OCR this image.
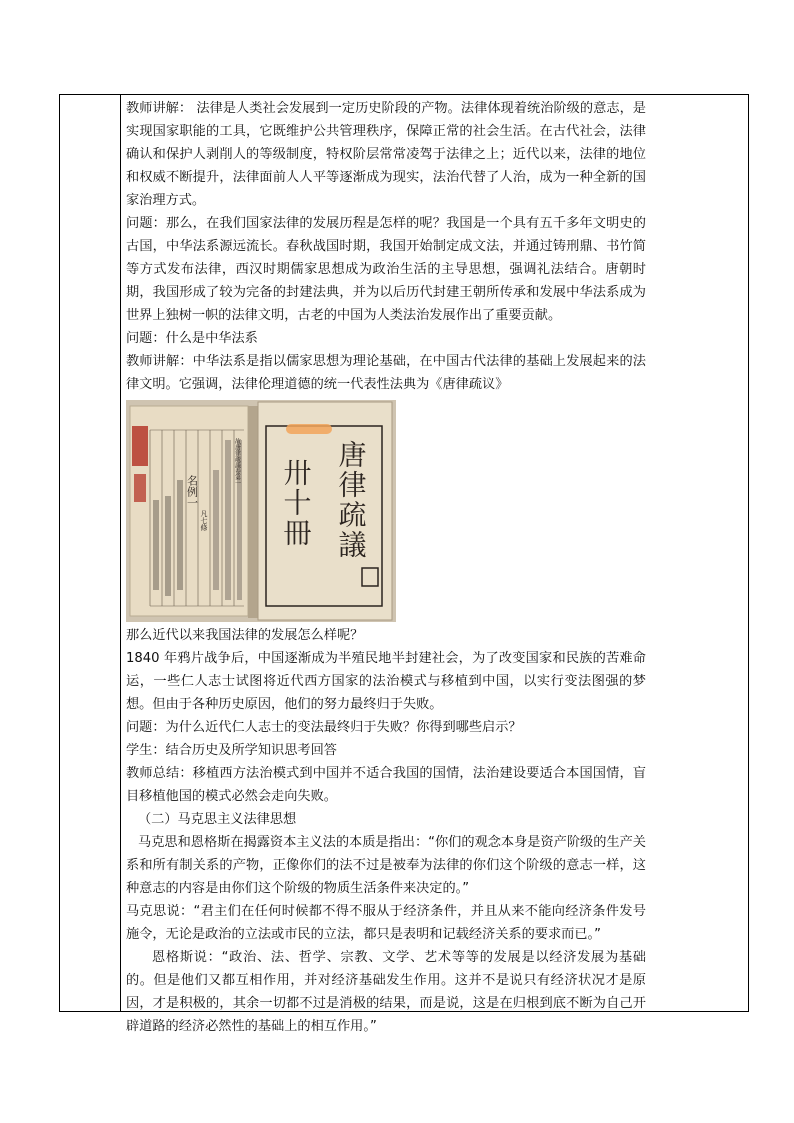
教师讲解： 法律是人类社会发展到一定历史阶段的产物。法律体现着统治阶级的意志，是实现国家职能的工具，它既维护公共管理秩序，保障正常的社会生活。在古代社会，法律确认和保护人剥削人的等级制度，特权阶层常常凌驾于法律之上；近代以来，法律的地位和权威不断提升，法律面前人人平等逐渐成为现实，法治代替了人治，成为一种全新的国家治理方式。

问题：那么，在我们国家法律的发展历程是怎样的呢？我国是一个具有五千多年文明史的古国，中华法系源远流长。春秋战国时期，我国开始制定成文法，并通过铸刑鼎、书竹简等方式发布法律，西汉时期儒家思想成为政治生活的主导思想，强调礼法结合。唐朝时期，我国形成了较为完备的封建法典，并为以后历代封建王朝所传承和发展中华法系成为世界上独树一帜的法律文明，古老的中国为人类法治发展作出了重要贡献。

问题：什么是中华法系

教师讲解：中华法系是指以儒家思想为理论基础，在中国古代法律的基础上发展起来的法律文明。它强调，法律伦理道德的统一代表性法典为《唐律疏议》

名例一
凡七條
故唐律疏議卷第一	唐律疏議
卅十冊

那么近代以来我国法律的发展怎么样呢？

1840 年鸦片战争后，中国逐渐成为半殖民地半封建社会，为了改变国家和民族的苦难命运，一些仁人志士试图将近代西方国家的法治模式与移植到中国，以实行变法图强的梦想。但由于各种历史原因，他们的努力最终归于失败。

问题：为什么近代仁人志士的变法最终归于失败？你得到哪些启示？

学生：结合历史及所学知识思考回答

教师总结：移植西方法治模式到中国并不适合我国的国情，法治建设要适合本国国情，盲目移植他国的模式必然会走向失败。

（二）马克思主义法律思想

马克思和恩格斯在揭露资本主义法的本质是指出：“你们的观念本身是资产阶级的生产关系和所有制关系的产物，正像你们的法不过是被奉为法律的你们这个阶级的意志一样，这种意志的内容是由你们这个阶级的物质生活条件来决定的。”

马克思说：“君主们在任何时候都不得不服从于经济条件，并且从来不能向经济条件发号施令，无论是政治的立法或市民的立法，都只是表明和记载经济关系的要求而已。”

恩格斯说：“政治、法、哲学、宗教、文学、艺术等等的发展是以经济发展为基础的。但是他们又都互相作用，并对经济基础发生作用。这并不是说只有经济状况才是原因，才是积极的，其余一切都不过是消极的结果，而是说，这是在归根到底不断为自己开辟道路的经济必然性的基础上的相互作用。”
